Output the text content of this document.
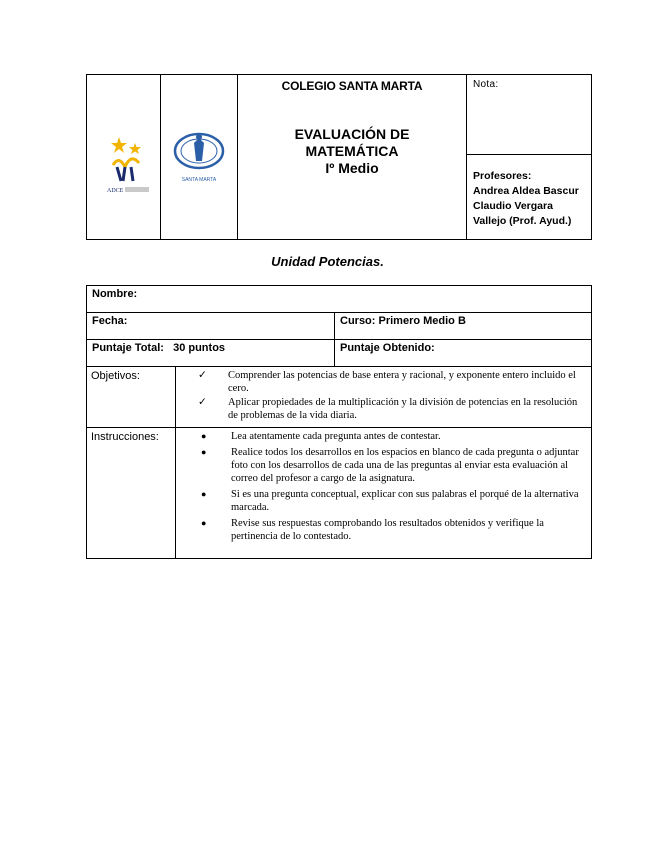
ADCE
SANTA MARTA
COLEGIO SANTA MARTA
EVALUACIÓN DE
MATEMÁTICA
Iº Medio
Nota:
Profesores:
Andrea Aldea Bascur
Claudio Vergara
Vallejo (Prof. Ayud.)
Unidad Potencias.
Nombre:
Fecha:	Curso: Primero Medio B
Puntaje Total:   30 puntos	Puntaje Obtenido:
Objetivos:	✓	Comprender las potencias de base entera y racional, y exponente entero incluido el cero.
✓	Aplicar propiedades de la multiplicación y la división de potencias en la resolución de problemas de la vida diaria.
Instrucciones:	●	Lea atentamente cada pregunta antes de contestar.
●	Realice todos los desarrollos en los espacios en blanco de cada pregunta o adjuntar foto con los desarrollos de cada una de las preguntas al enviar esta evaluación al correo del profesor a cargo de la asignatura.
●	Si es una pregunta conceptual, explicar con sus palabras el porqué de la alternativa marcada.
●	Revise sus respuestas comprobando los resultados obtenidos y verifique la pertinencia de lo contestado.
